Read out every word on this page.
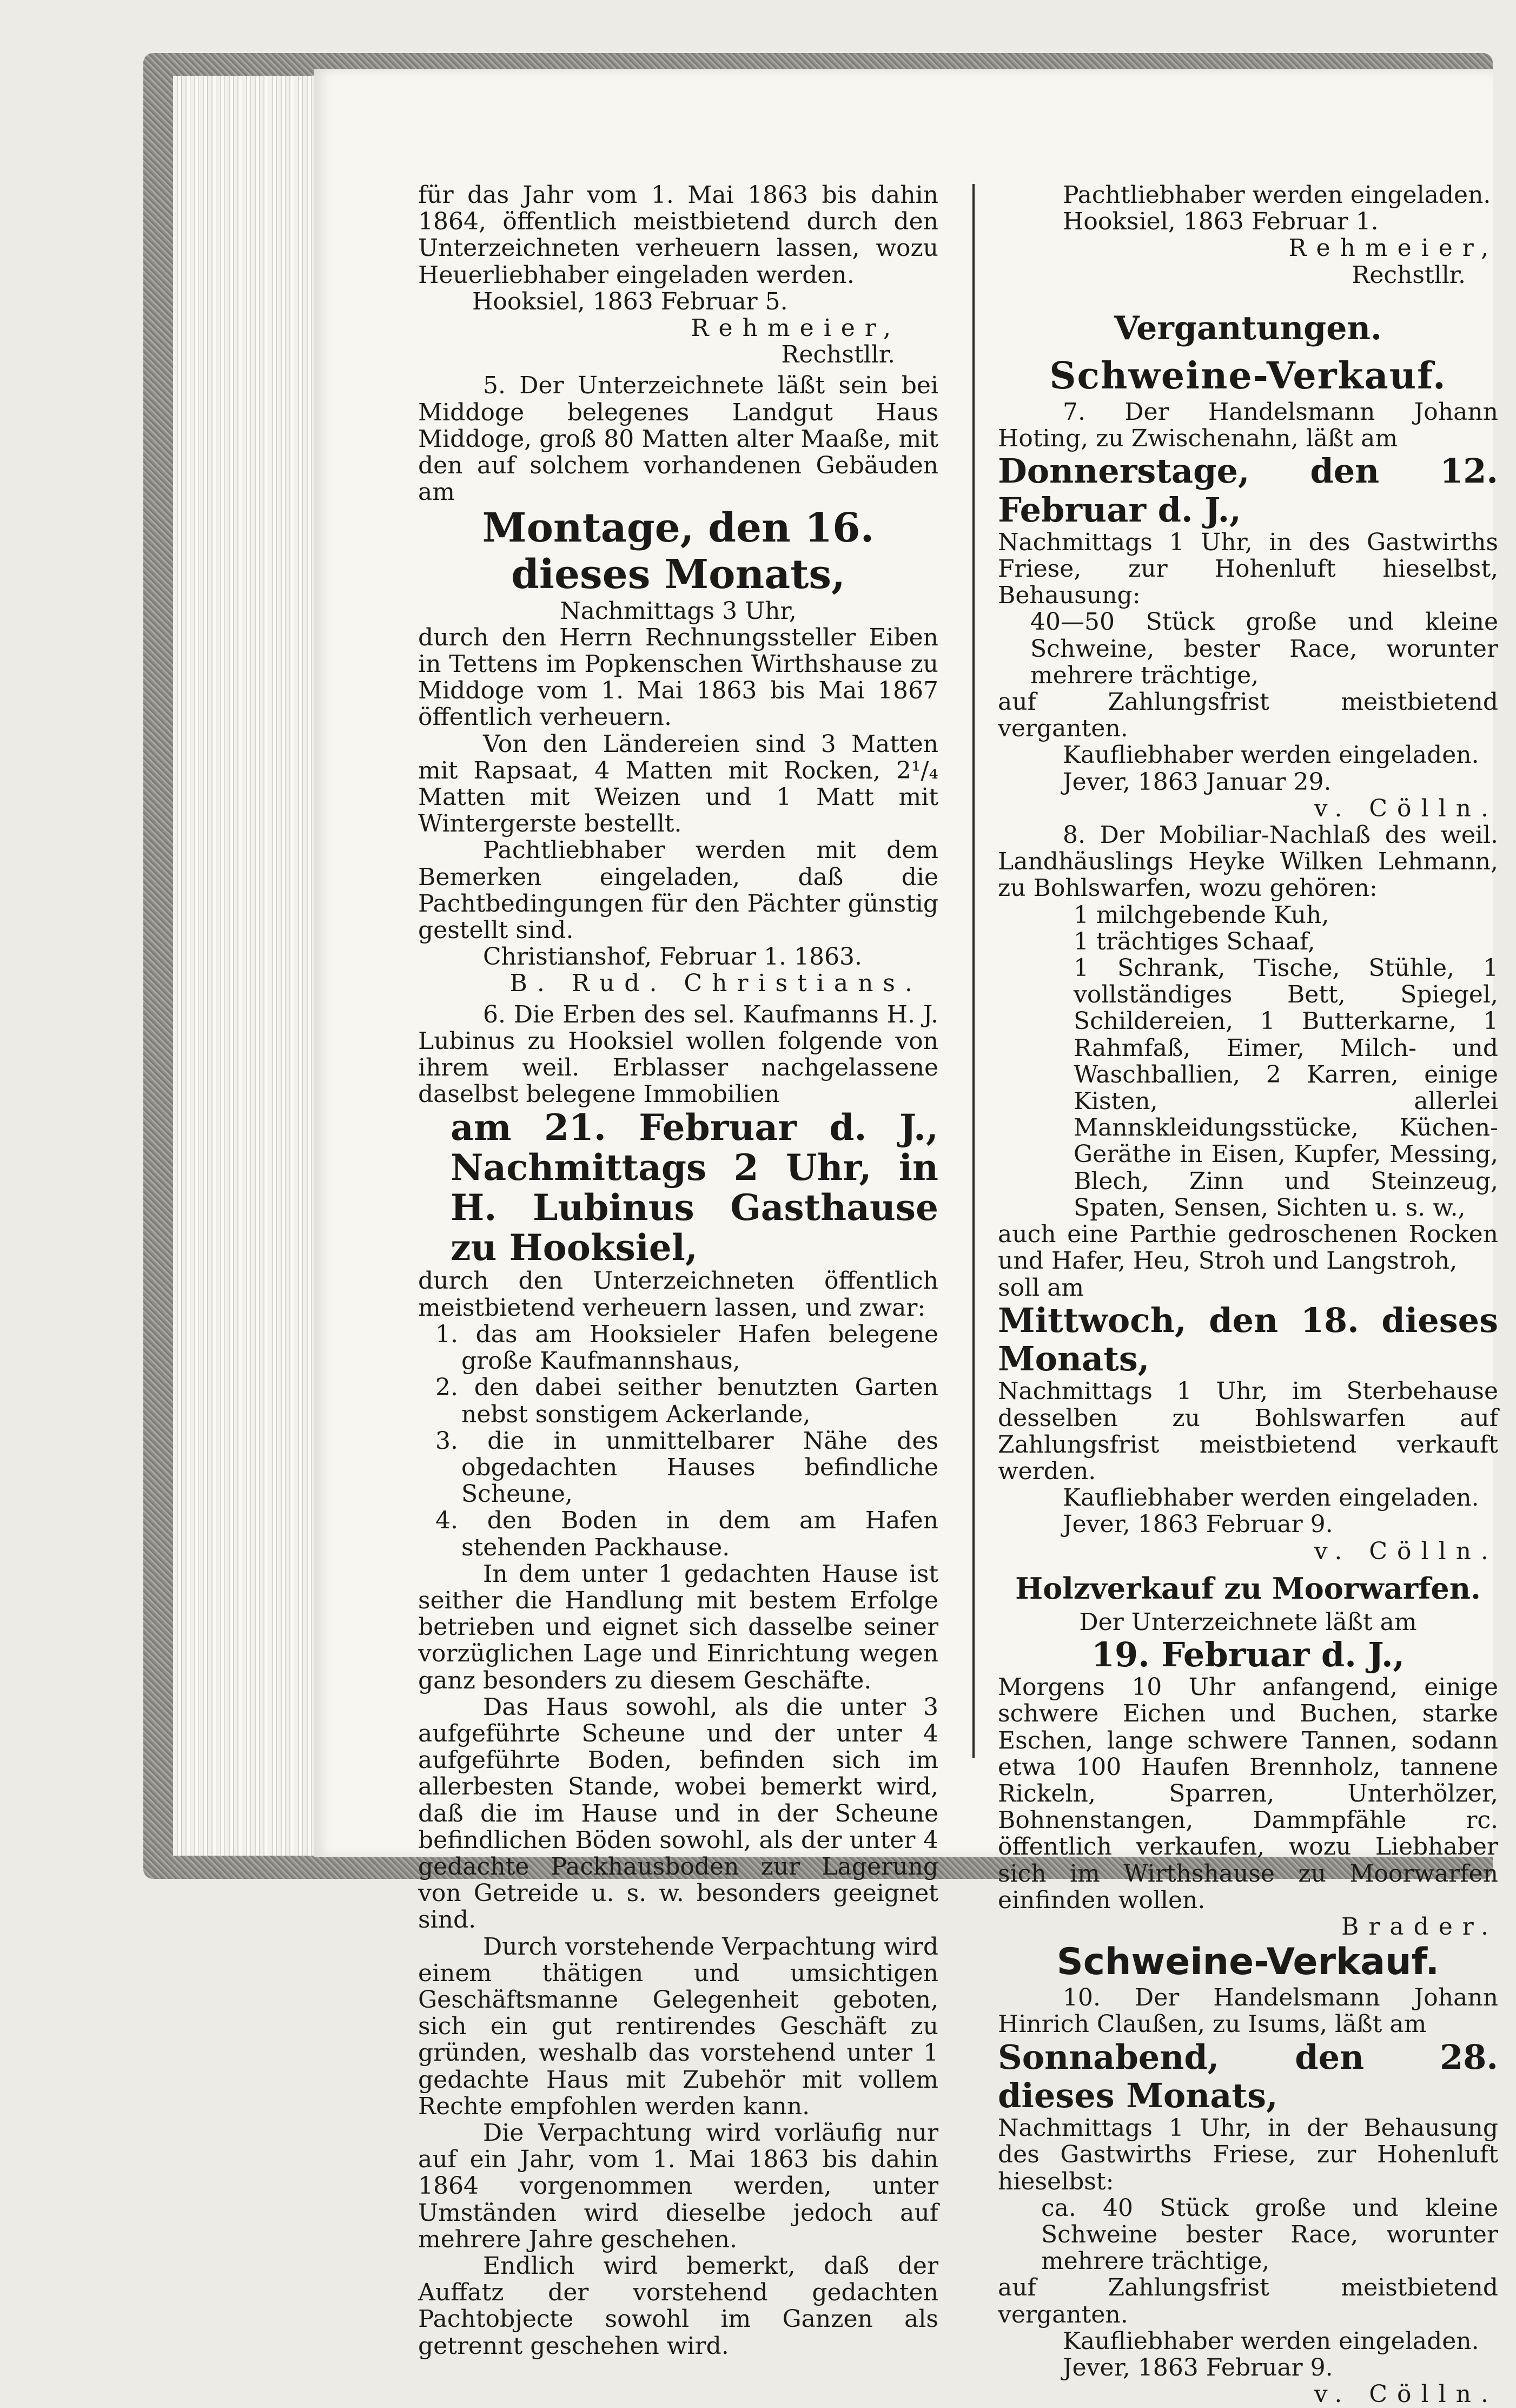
für das Jahr vom 1. Mai 1863 bis dahin 1864, öffentlich meistbietend durch den Unterzeichneten verheuern lassen, wozu Heuerliebhaber eingeladen werden.

Hooksiel, 1863 Februar 5.

Rehmeier,

Rechstllr.

5. Der Unterzeichnete läßt sein bei Middoge belegenes Landgut Haus Middoge, groß 80 Matten alter Maaße, mit den auf solchem vorhandenen Gebäuden am

Montage, den 16. dieses Monats,

Nachmittags 3 Uhr,

durch den Herrn Rechnungssteller Eiben in Tettens im Popkenschen Wirthshause zu Middoge vom 1. Mai 1863 bis Mai 1867 öffentlich verheuern.

Von den Ländereien sind 3 Matten mit Rapsaat, 4 Matten mit Rocken, 2¹/₄ Matten mit Weizen und 1 Matt mit Wintergerste bestellt.

Pachtliebhaber werden mit dem Bemerken eingeladen, daß die Pachtbedingungen für den Pächter günstig gestellt sind.

Christianshof, Februar 1. 1863.

B. Rud. Christians.

6. Die Erben des sel. Kaufmanns H. J. Lubinus zu Hooksiel wollen folgende von ihrem weil. Erblasser nachgelassene daselbst belegene Immobilien

am 21. Februar d. J., Nachmittags 2 Uhr, in H. Lubinus Gasthause zu Hooksiel,

durch den Unterzeichneten öffentlich meistbietend verheuern lassen, und zwar:

1. das am Hooksieler Hafen belegene große Kaufmannshaus,

2. den dabei seither benutzten Garten nebst sonstigem Ackerlande,

3. die in unmittelbarer Nähe des obgedachten Hauses befindliche Scheune,

4. den Boden in dem am Hafen stehenden Packhause.

In dem unter 1 gedachten Hause ist seither die Handlung mit bestem Erfolge betrieben und eignet sich dasselbe seiner vorzüglichen Lage und Einrichtung wegen ganz besonders zu diesem Geschäfte.

Das Haus sowohl, als die unter 3 aufgeführte Scheune und der unter 4 aufgeführte Boden, befinden sich im allerbesten Stande, wobei bemerkt wird, daß die im Hause und in der Scheune befindlichen Böden sowohl, als der unter 4 gedachte Packhausboden zur Lagerung von Getreide u. s. w. besonders geeignet sind.

Durch vorstehende Verpachtung wird einem thätigen und umsichtigen Geschäftsmanne Gelegenheit geboten, sich ein gut rentirendes Geschäft zu gründen, weshalb das vorstehend unter 1 gedachte Haus mit Zubehör mit vollem Rechte empfohlen werden kann.

Die Verpachtung wird vorläufig nur auf ein Jahr, vom 1. Mai 1863 bis dahin 1864 vorgenommen werden, unter Umständen wird dieselbe jedoch auf mehrere Jahre geschehen.

Endlich wird bemerkt, daß der Auffatz der vorstehend gedachten Pachtobjecte sowohl im Ganzen als getrennt geschehen wird.

Pachtliebhaber werden eingeladen.

Hooksiel, 1863 Februar 1.

Rehmeier,

Rechstllr.

Vergantungen.

Schweine-Verkauf.

7. Der Handelsmann Johann Hoting, zu Zwischenahn, läßt am

Donnerstage, den 12. Februar d. J.,

Nachmittags 1 Uhr, in des Gastwirths Friese, zur Hohenluft hieselbst, Behausung:

40—50 Stück große und kleine Schweine, bester Race, worunter mehrere trächtige,

auf Zahlungsfrist meistbietend verganten.

Kaufliebhaber werden eingeladen.

Jever, 1863 Januar 29.

v. Cölln.

8. Der Mobiliar-Nachlaß des weil. Landhäuslings Heyke Wilken Lehmann, zu Bohlswarfen, wozu gehören:

1 milchgebende Kuh,

1 trächtiges Schaaf,

1 Schrank, Tische, Stühle, 1 vollständiges Bett, Spiegel, Schildereien, 1 Butterkarne, 1 Rahmfaß, Eimer, Milch- und Waschballien, 2 Karren, einige Kisten, allerlei Mannskleidungsstücke, Küchen-Geräthe in Eisen, Kupfer, Messing, Blech, Zinn und Steinzeug, Spaten, Sensen, Sichten u. s. w.,

auch eine Parthie gedroschenen Rocken und Hafer, Heu, Stroh und Langstroh,

soll am

Mittwoch, den 18. dieses Monats,

Nachmittags 1 Uhr, im Sterbehause desselben zu Bohlswarfen auf Zahlungsfrist meistbietend verkauft werden.

Kaufliebhaber werden eingeladen.

Jever, 1863 Februar 9.

v. Cölln.

Holzverkauf zu Moorwarfen.

Der Unterzeichnete läßt am

19. Februar d. J.,

Morgens 10 Uhr anfangend, einige schwere Eichen und Buchen, starke Eschen, lange schwere Tannen, sodann etwa 100 Haufen Brennholz, tannene Rickeln, Sparren, Unterhölzer, Bohnenstangen, Dammpfähle rc. öffentlich verkaufen, wozu Liebhaber sich im Wirthshause zu Moorwarfen einfinden wollen.

Brader.

Schweine-Verkauf.

10. Der Handelsmann Johann Hinrich Claußen, zu Isums, läßt am

Sonnabend, den 28. dieses Monats,

Nachmittags 1 Uhr, in der Behausung des Gastwirths Friese, zur Hohenluft hieselbst:

ca. 40 Stück große und kleine Schweine bester Race, worunter mehrere trächtige,

auf Zahlungsfrist meistbietend verganten.

Kaufliebhaber werden eingeladen.

Jever, 1863 Februar 9.

v. Cölln.
